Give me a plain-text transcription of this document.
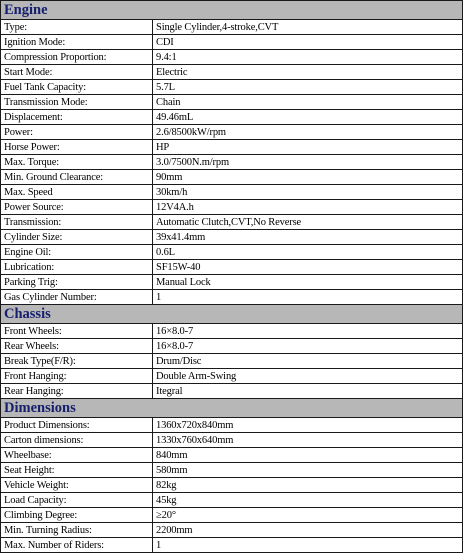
Engine	
Type:	Single Cylinder,4-stroke,CVT
Ignition Mode:	CDI
Compression Proportion:	9.4:1
Start Mode:	Electric
Fuel Tank Capacity:	5.7L
Transmission Mode:	Chain
Displacement:	49.46mL
Power:	2.6/8500kW/rpm
Horse Power:	HP
Max. Torque:	3.0/7500N.m/rpm
Min. Ground Clearance:	90mm
Max. Speed	30km/h
Power Source:	12V4A.h
Transmission:	Automatic Clutch,CVT,No Reverse
Cylinder Size:	39x41.4mm
Engine Oil:	0.6L
Lubrication:	SF15W-40
Parking Trig:	Manual Lock
Gas Cylinder Number:	1
Chassis	
Front Wheels:	16×8.0-7
Rear Wheels:	16×8.0-7
Break Type(F/R):	Drum/Disc
Front Hanging:	Double Arm-Swing
Rear Hanging:	Itegral
Dimensions	
Product Dimensions:	1360x720x840mm
Carton dimensions:	1330x760x640mm
Wheelbase:	840mm
Seat Height:	580mm
Vehicle Weight:	82kg
Load Capacity:	45kg
Climbing Degree:	≥20°
Min. Turning Radius:	2200mm
Max. Number of Riders:	1
